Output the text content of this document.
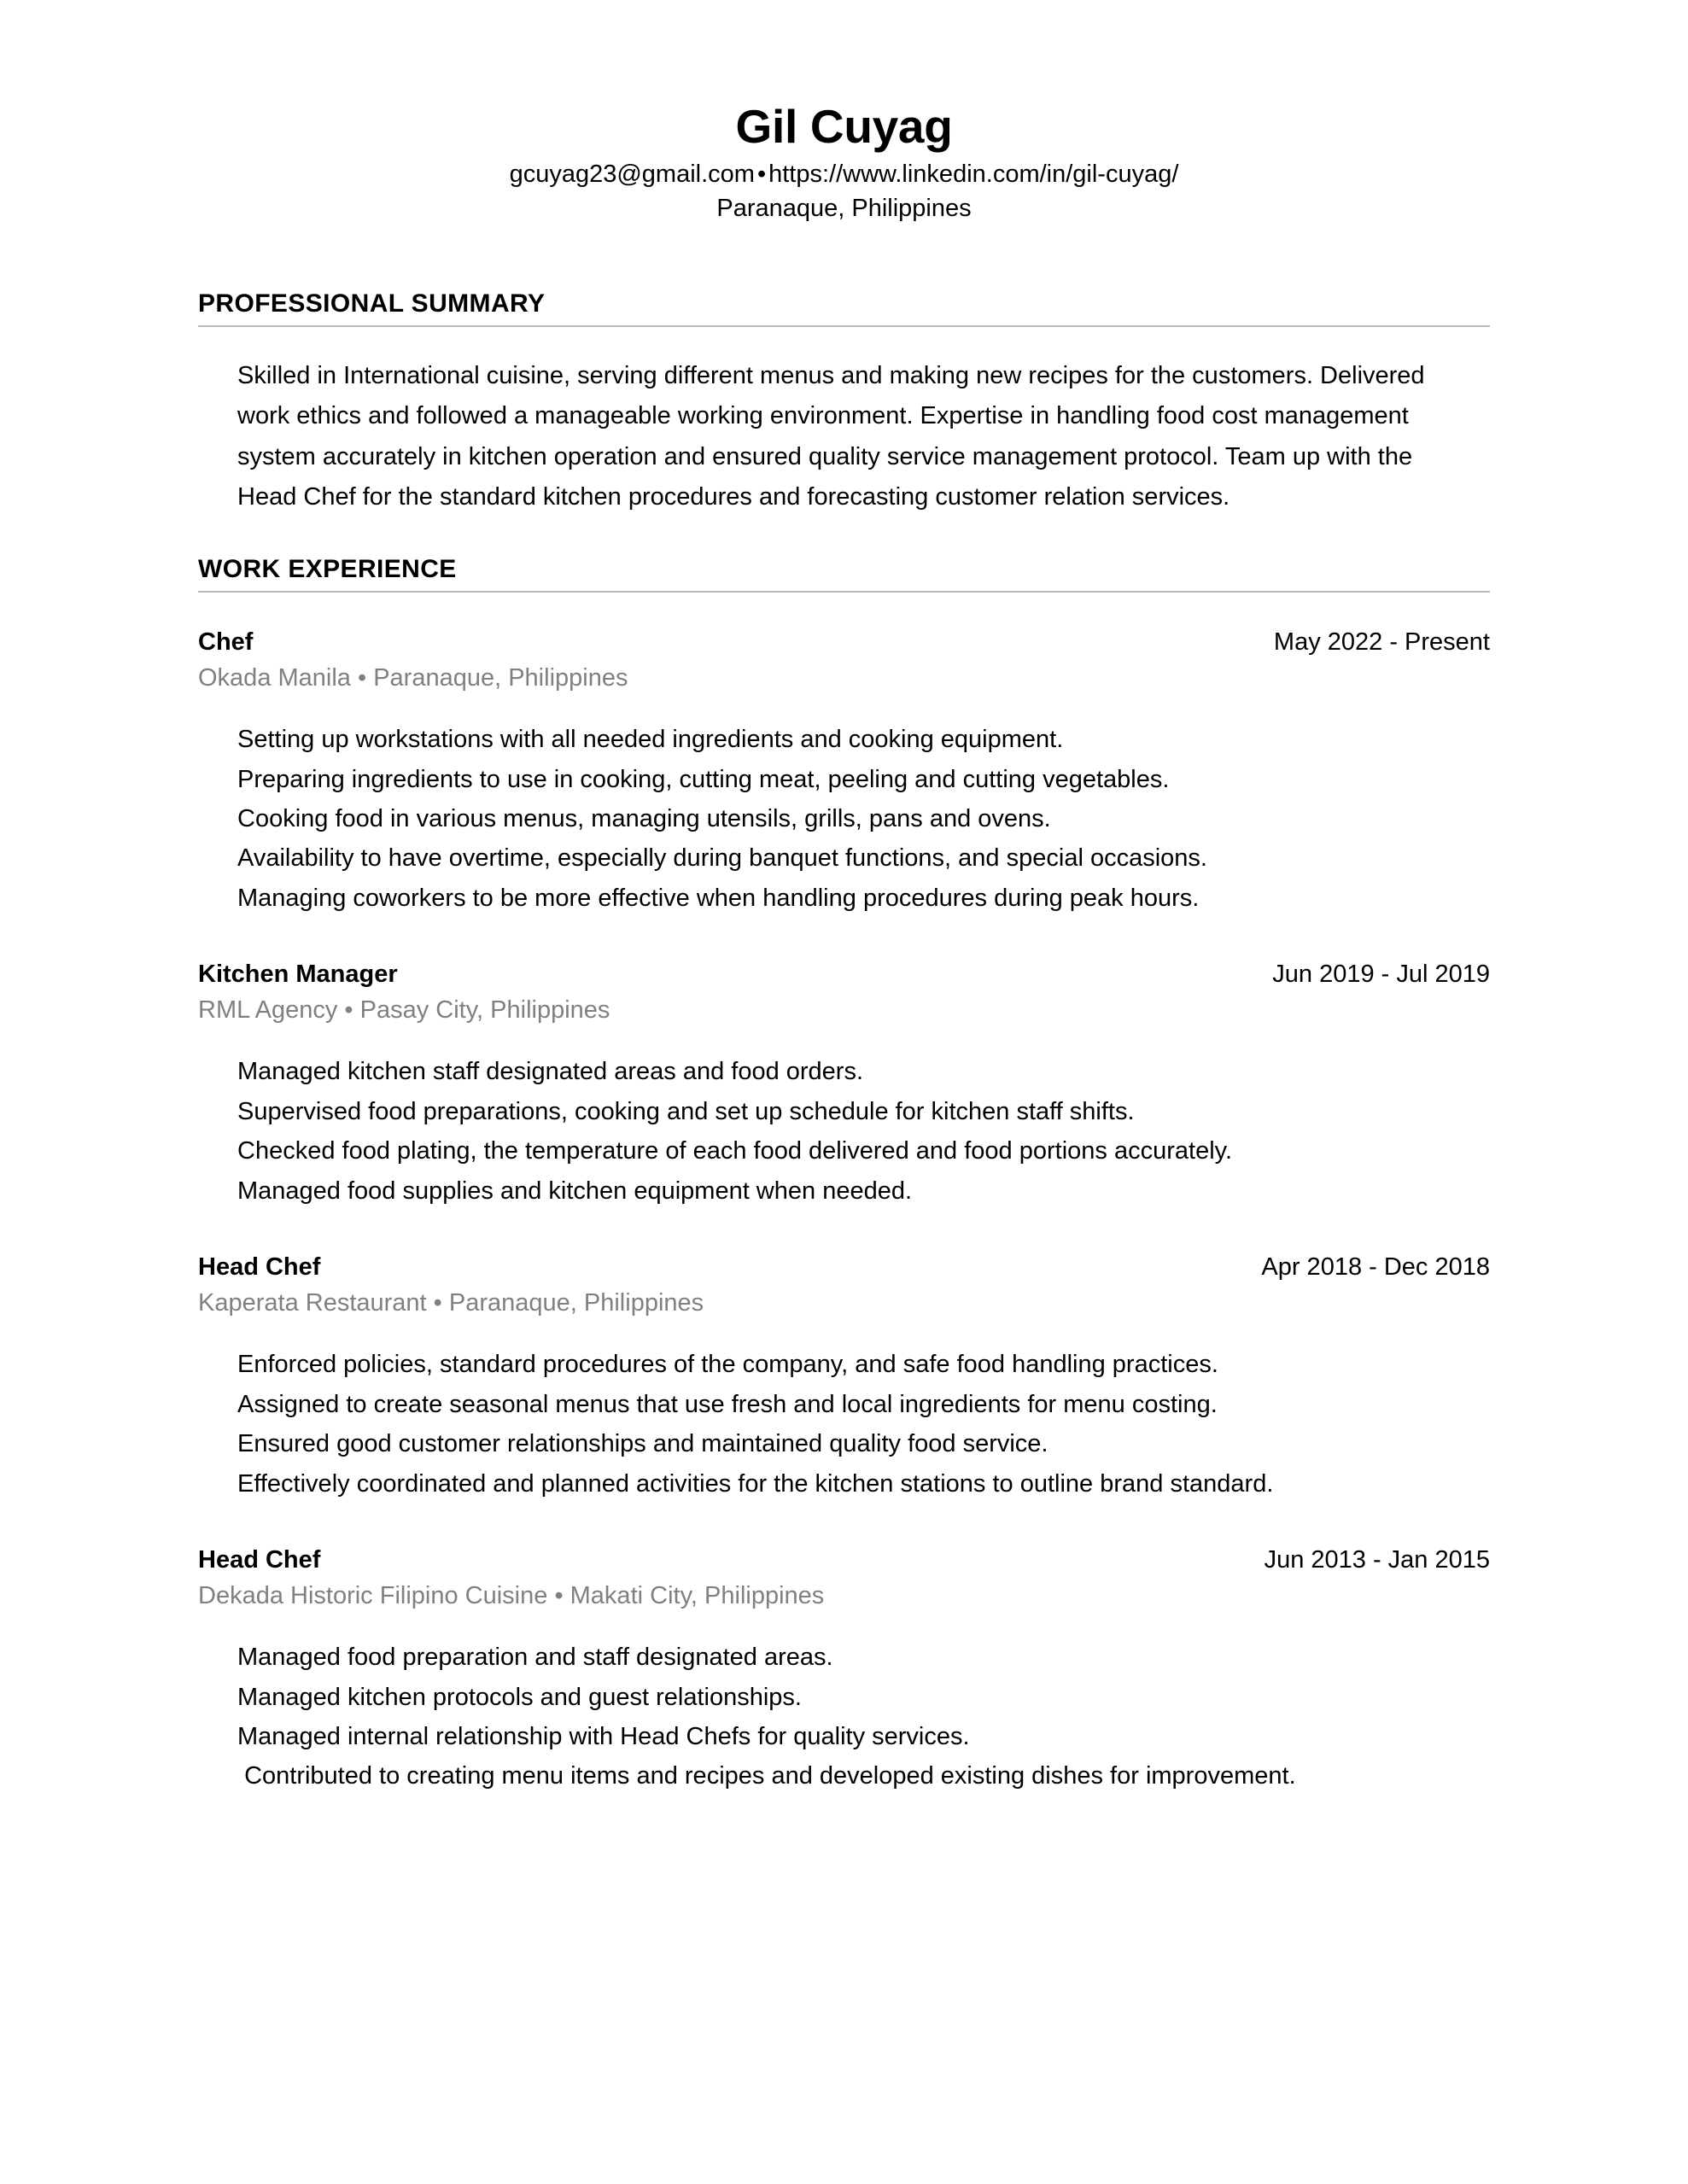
Gil Cuyag
gcuyag23@gmail.com • https://www.linkedin.com/in/gil-cuyag/
Paranaque, Philippines
PROFESSIONAL SUMMARY

Skilled in International cuisine, serving different menus and making new recipes for the customers. Delivered work ethics and followed a manageable working environment. Expertise in handling food cost management system accurately in kitchen operation and ensured quality service management protocol. Team up with the Head Chef for the standard kitchen procedures and forecasting customer relation services.

WORK EXPERIENCE
Chef	May 2022 - Present
Okada Manila • Paranaque, Philippines
Setting up workstations with all needed ingredients and cooking equipment.
Preparing ingredients to use in cooking, cutting meat, peeling and cutting vegetables.
Cooking food in various menus, managing utensils, grills, pans and ovens.
Availability to have overtime, especially during banquet functions, and special occasions.
Managing coworkers to be more effective when handling procedures during peak hours.
Kitchen Manager	Jun 2019 - Jul 2019
RML Agency • Pasay City, Philippines
Managed kitchen staff designated areas and food orders.
Supervised food preparations, cooking and set up schedule for kitchen staff shifts.
Checked food plating, the temperature of each food delivered and food portions accurately.
Managed food supplies and kitchen equipment when needed.
Head Chef	Apr 2018 - Dec 2018
Kaperata Restaurant • Paranaque, Philippines
Enforced policies, standard procedures of the company, and safe food handling practices.
Assigned to create seasonal menus that use fresh and local ingredients for menu costing.
Ensured good customer relationships and maintained quality food service.
Effectively coordinated and planned activities for the kitchen stations to outline brand standard.
Head Chef	Jun 2013 - Jan 2015
Dekada Historic Filipino Cuisine • Makati City, Philippines
Managed food preparation and staff designated areas.
Managed kitchen protocols and guest relationships.
Managed internal relationship with Head Chefs for quality services.
Contributed to creating menu items and recipes and developed existing dishes for improvement.
